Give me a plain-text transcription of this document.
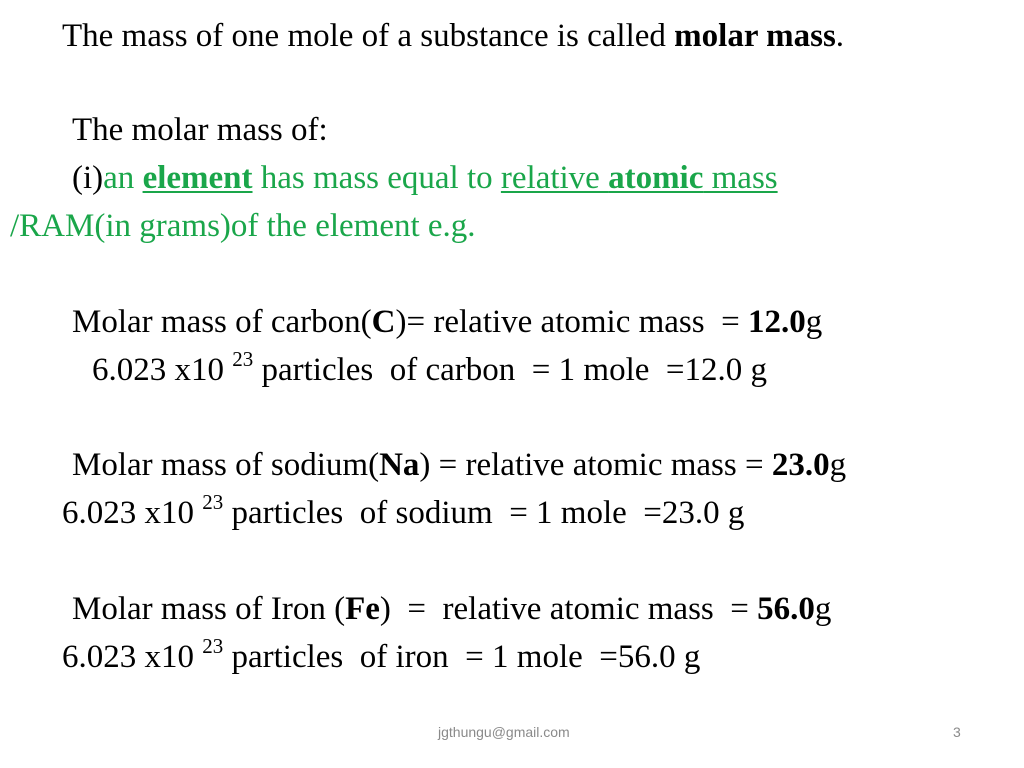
The mass of one mole of a substance is called molar mass.
The molar mass of:
(i)an element has mass equal to relative atomic mass
/RAM(in grams)of the element e.g.
Molar mass of carbon(C)= relative atomic mass  = 12.0g
6.023 x10 $^{23}$ particles  of carbon  = 1 mole  =12.0 g
Molar mass of sodium(Na) = relative atomic mass = 23.0g
6.023 x10 $^{23}$ particles  of sodium  = 1 mole  =23.0 g
Molar mass of Iron (Fe)  =  relative atomic mass  = 56.0g
6.023 x10 $^{23}$ particles  of iron  = 1 mole  =56.0 g
jgthungu@gmail.com	3
